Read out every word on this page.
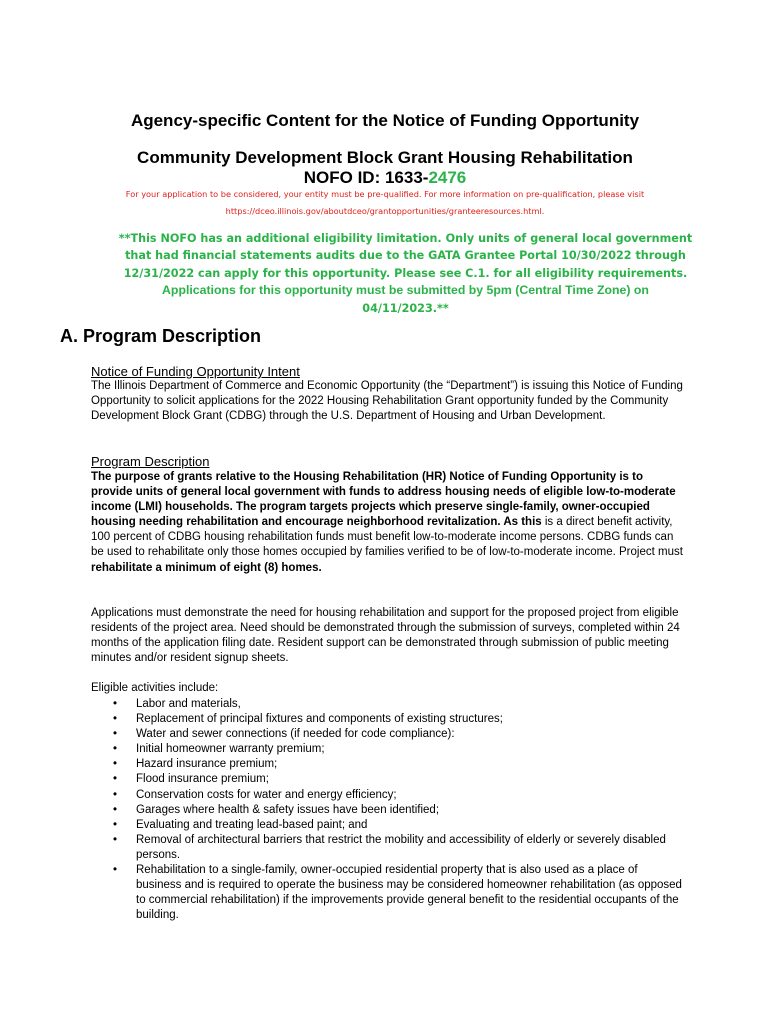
Agency-specific Content for the Notice of Funding Opportunity
Community Development Block Grant Housing Rehabilitation
NOFO ID: 1633-2476
For your application to be considered, your entity must be pre-qualified. For more information on pre-qualification, please visit
https://dceo.illinois.gov/aboutdceo/grantopportunities/granteeresources.html.
**This NOFO has an additional eligibility limitation. Only units of general local government
that had financial statements audits due to the GATA Grantee Portal 10/30/2022 through
12/31/2022 can apply for this opportunity. Please see C.1. for all eligibility requirements.
Applications for this opportunity must be submitted by 5pm (Central Time Zone) on
04/11/2023.**
A. Program Description
Notice of Funding Opportunity Intent
The Illinois Department of Commerce and Economic Opportunity (the “Department”) is issuing this Notice of Funding Opportunity to solicit applications for the 2022 Housing Rehabilitation Grant opportunity funded by the Community Development Block Grant (CDBG) through the U.S. Department of Housing and Urban Development.
Program Description
The purpose of grants relative to the Housing Rehabilitation (HR) Notice of Funding Opportunity is to provide units of general local government with funds to address housing needs of eligible low-to-moderate income (LMI) households. The program targets projects which preserve single-family, owner-occupied housing needing rehabilitation and encourage neighborhood revitalization. As this is a direct benefit activity, 100 percent of CDBG housing rehabilitation funds must benefit low-to-moderate income persons. CDBG funds can be used to rehabilitate only those homes occupied by families verified to be of low-to-moderate income. Project must rehabilitate a minimum of eight (8) homes.
Applications must demonstrate the need for housing rehabilitation and support for the proposed project from eligible residents of the project area. Need should be demonstrated through the submission of surveys, completed within 24 months of the application filing date. Resident support can be demonstrated through submission of public meeting minutes and/or resident signup sheets.
Eligible activities include:
• Labor and materials,
• Replacement of principal fixtures and components of existing structures;
• Water and sewer connections (if needed for code compliance):
• Initial homeowner warranty premium;
• Hazard insurance premium;
• Flood insurance premium;
• Conservation costs for water and energy efficiency;
• Garages where health & safety issues have been identified;
• Evaluating and treating lead-based paint; and
• Removal of architectural barriers that restrict the mobility and accessibility of elderly or severely disabled persons.
• Rehabilitation to a single-family, owner-occupied residential property that is also used as a place of business and is required to operate the business may be considered homeowner rehabilitation (as opposed to commercial rehabilitation) if the improvements provide general benefit to the residential occupants of the building.
